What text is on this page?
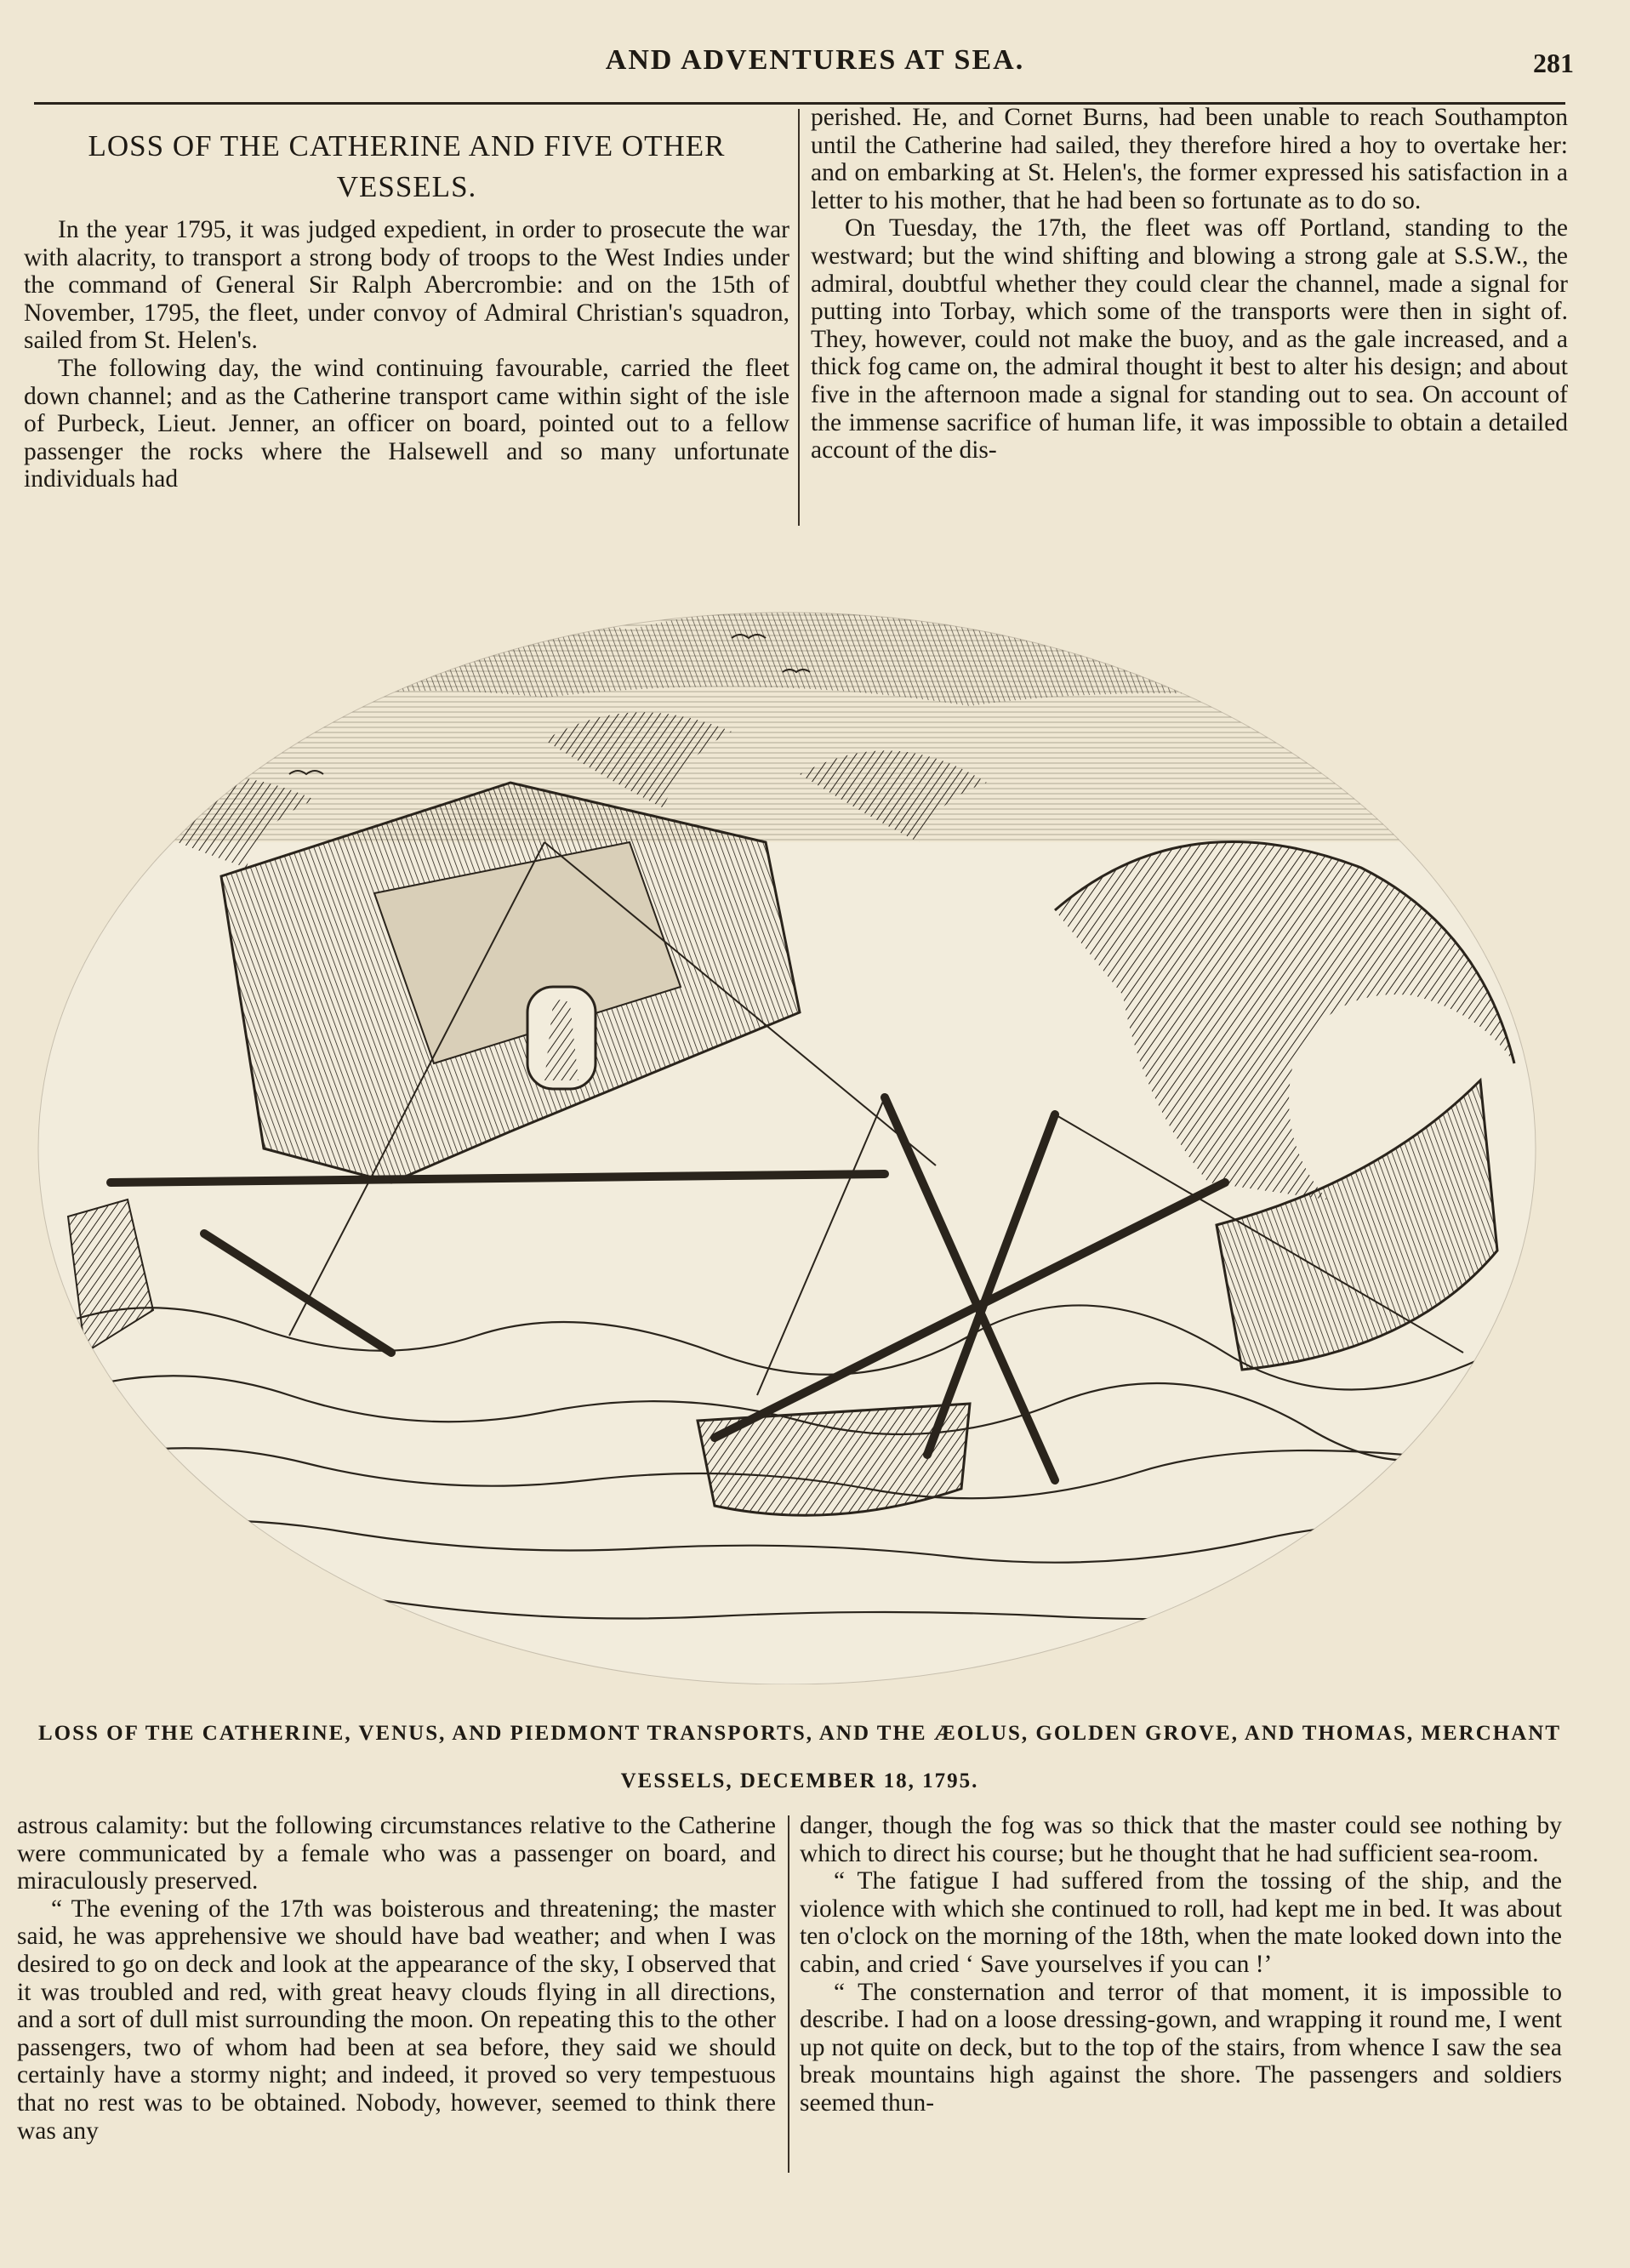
AND ADVENTURES AT SEA.	281
LOSS OF THE CATHERINE AND FIVE OTHER
VESSELS.

In the year 1795, it was judged expedient, in order to prosecute the war with alacrity, to transport a strong body of troops to the West Indies under the command of General Sir Ralph Abercrombie: and on the 15th of November, 1795, the fleet, under convoy of Admiral Christian's squadron, sailed from St. Helen's.

The following day, the wind continuing favourable, carried the fleet down channel; and as the Catherine transport came within sight of the isle of Purbeck, Lieut. Jenner, an officer on board, pointed out to a fellow passenger the rocks where the Halsewell and so many unfortunate individuals had

perished. He, and Cornet Burns, had been unable to reach Southampton until the Catherine had sailed, they therefore hired a hoy to overtake her: and on embarking at St. Helen's, the former expressed his satisfaction in a letter to his mother, that he had been so fortunate as to do so.

On Tuesday, the 17th, the fleet was off Portland, standing to the westward; but the wind shifting and blowing a strong gale at S.S.W., the admiral, doubtful whether they could clear the channel, made a signal for putting into Torbay, which some of the transports were then in sight of. They, however, could not make the buoy, and as the gale increased, and a thick fog came on, the admiral thought it best to alter his design; and about five in the afternoon made a signal for standing out to sea. On account of the immense sacrifice of human life, it was impossible to obtain a detailed account of the dis-

LOSS OF THE CATHERINE, VENUS, AND PIEDMONT TRANSPORTS, AND THE ÆOLUS, GOLDEN GROVE, AND THOMAS, MERCHANT
VESSELS, DECEMBER 18, 1795.

astrous calamity: but the following circumstances relative to the Catherine were communicated by a female who was a passenger on board, and miraculously preserved.

“ The evening of the 17th was boisterous and threatening; the master said, he was apprehensive we should have bad weather; and when I was desired to go on deck and look at the appearance of the sky, I observed that it was troubled and red, with great heavy clouds flying in all directions, and a sort of dull mist surrounding the moon. On repeating this to the other passengers, two of whom had been at sea before, they said we should certainly have a stormy night; and indeed, it proved so very tempestuous that no rest was to be obtained. Nobody, however, seemed to think there was any

danger, though the fog was so thick that the master could see nothing by which to direct his course; but he thought that he had sufficient sea-room.

“ The fatigue I had suffered from the tossing of the ship, and the violence with which she continued to roll, had kept me in bed. It was about ten o'clock on the morning of the 18th, when the mate looked down into the cabin, and cried ‘ Save yourselves if you can !’

“ The consternation and terror of that moment, it is impossible to describe. I had on a loose dressing-gown, and wrapping it round me, I went up not quite on deck, but to the top of the stairs, from whence I saw the sea break mountains high against the shore. The passengers and soldiers seemed thun-
